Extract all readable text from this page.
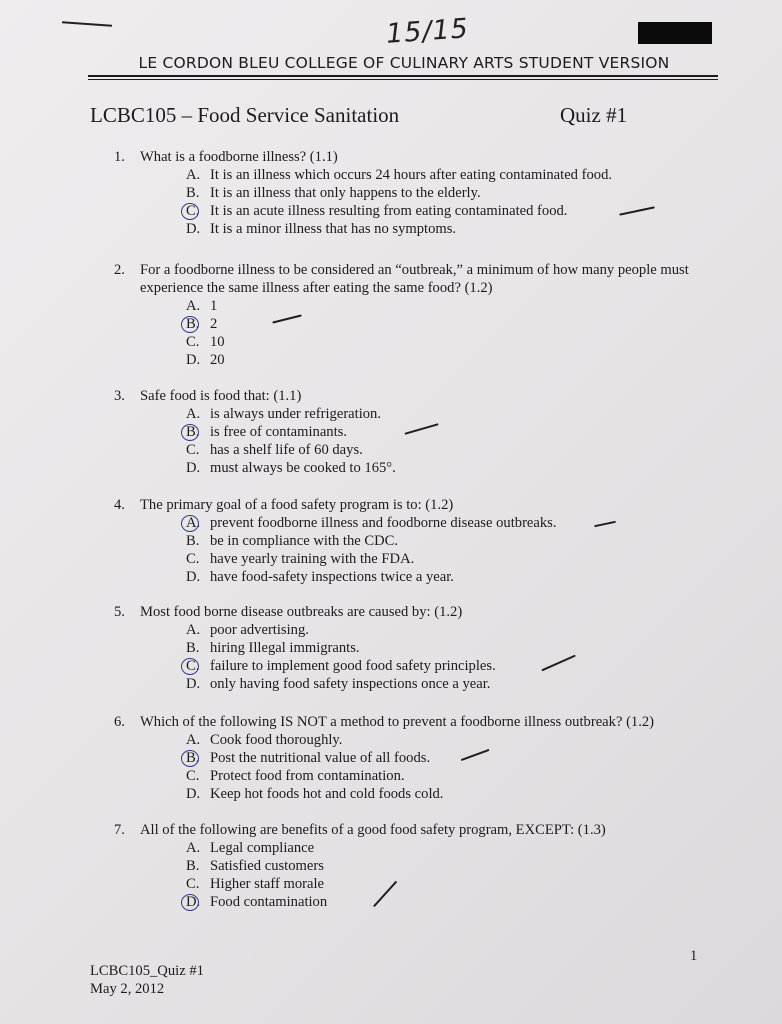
15/15
LE CORDON BLEU COLLEGE OF CULINARY ARTS STUDENT VERSION
LCBC105 – Food Service Sanitation	Quiz #1
1.	What is a foodborne illness? (1.1)
A. It is an illness which occurs 24 hours after eating contaminated food.
B. It is an illness that only happens to the elderly.
C. It is an acute illness resulting from eating contaminated food.
D. It is a minor illness that has no symptoms.
2.	For a foodborne illness to be considered an “outbreak,” a minimum of how many people must experience the same illness after eating the same food? (1.2)
A. 1
B. 2
C. 10
D. 20
3.	Safe food is food that: (1.1)
A. is always under refrigeration.
B. is free of contaminants.
C. has a shelf life of 60 days.
D. must always be cooked to 165°.
4.	The primary goal of a food safety program is to: (1.2)
A. prevent foodborne illness and foodborne disease outbreaks.
B. be in compliance with the CDC.
C. have yearly training with the FDA.
D. have food-safety inspections twice a year.
5.	Most food borne disease outbreaks are caused by: (1.2)
A. poor advertising.
B. hiring Illegal immigrants.
C. failure to implement good food safety principles.
D. only having food safety inspections once a year.
6.	Which of the following IS NOT a method to prevent a foodborne illness outbreak? (1.2)
A. Cook food thoroughly.
B. Post the nutritional value of all foods.
C. Protect food from contamination.
D. Keep hot foods hot and cold foods cold.
7.	All of the following are benefits of a good food safety program, EXCEPT: (1.3)
A. Legal compliance
B. Satisfied customers
C. Higher staff morale
D. Food contamination
1
LCBC105_Quiz #1
May 2, 2012
